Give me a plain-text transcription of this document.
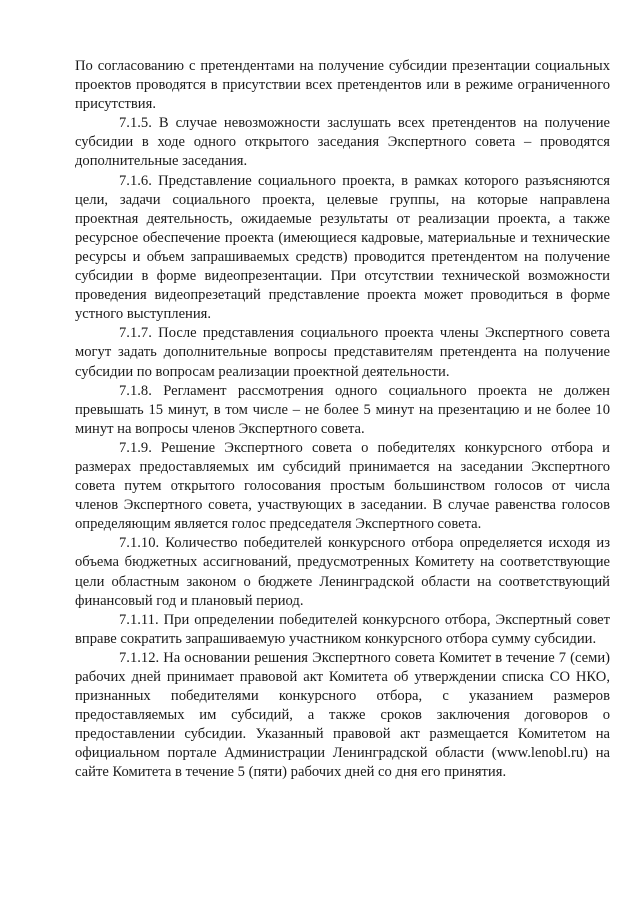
По согласованию с претендентами на получение субсидии презентации социальных проектов проводятся в присутствии всех претендентов или в режиме ограниченного присутствия.

7.1.5. В случае невозможности заслушать всех претендентов на получение субсидии в ходе одного открытого заседания Экспертного совета – проводятся дополнительные заседания.

7.1.6. Представление социального проекта, в рамках которого разъясняются цели, задачи социального проекта, целевые группы, на которые направлена проектная деятельность, ожидаемые результаты от реализации проекта, а также ресурсное обеспечение проекта (имеющиеся кадровые, материальные и технические ресурсы и объем запрашиваемых средств) проводится претендентом на получение субсидии в форме видеопрезентации. При отсутствии технической возможности проведения видеопрезетаций представление проекта может проводиться в форме устного выступления.

7.1.7. После представления социального проекта члены Экспертного совета могут задать дополнительные вопросы представителям претендента на получение субсидии по вопросам реализации проектной деятельности.

7.1.8. Регламент рассмотрения одного социального проекта не должен превышать 15 минут, в том числе – не более 5 минут на презентацию и не более 10 минут на вопросы членов Экспертного совета.

7.1.9. Решение Экспертного совета о победителях конкурсного отбора и размерах предоставляемых им субсидий принимается на заседании Экспертного совета путем открытого голосования простым большинством голосов от числа членов Экспертного совета, участвующих в заседании. В случае равенства голосов определяющим является голос председателя Экспертного совета.

7.1.10. Количество победителей конкурсного отбора определяется исходя из объема бюджетных ассигнований, предусмотренных Комитету на соответствующие цели областным законом о бюджете Ленинградской области на соответствующий финансовый год и плановый период.

7.1.11. При определении победителей конкурсного отбора, Экспертный совет вправе сократить запрашиваемую участником конкурсного отбора сумму субсидии.

7.1.12. На основании решения Экспертного совета Комитет в течение 7 (семи) рабочих дней принимает правовой акт Комитета об утверждении списка СО НКО, признанных победителями конкурсного отбора, с указанием размеров предоставляемых им субсидий, а также сроков заключения договоров о предоставлении субсидии. Указанный правовой акт размещается Комитетом на официальном портале Администрации Ленинградской области (www.lenobl.ru) на сайте Комитета в течение 5 (пяти) рабочих дней со дня его принятия.
